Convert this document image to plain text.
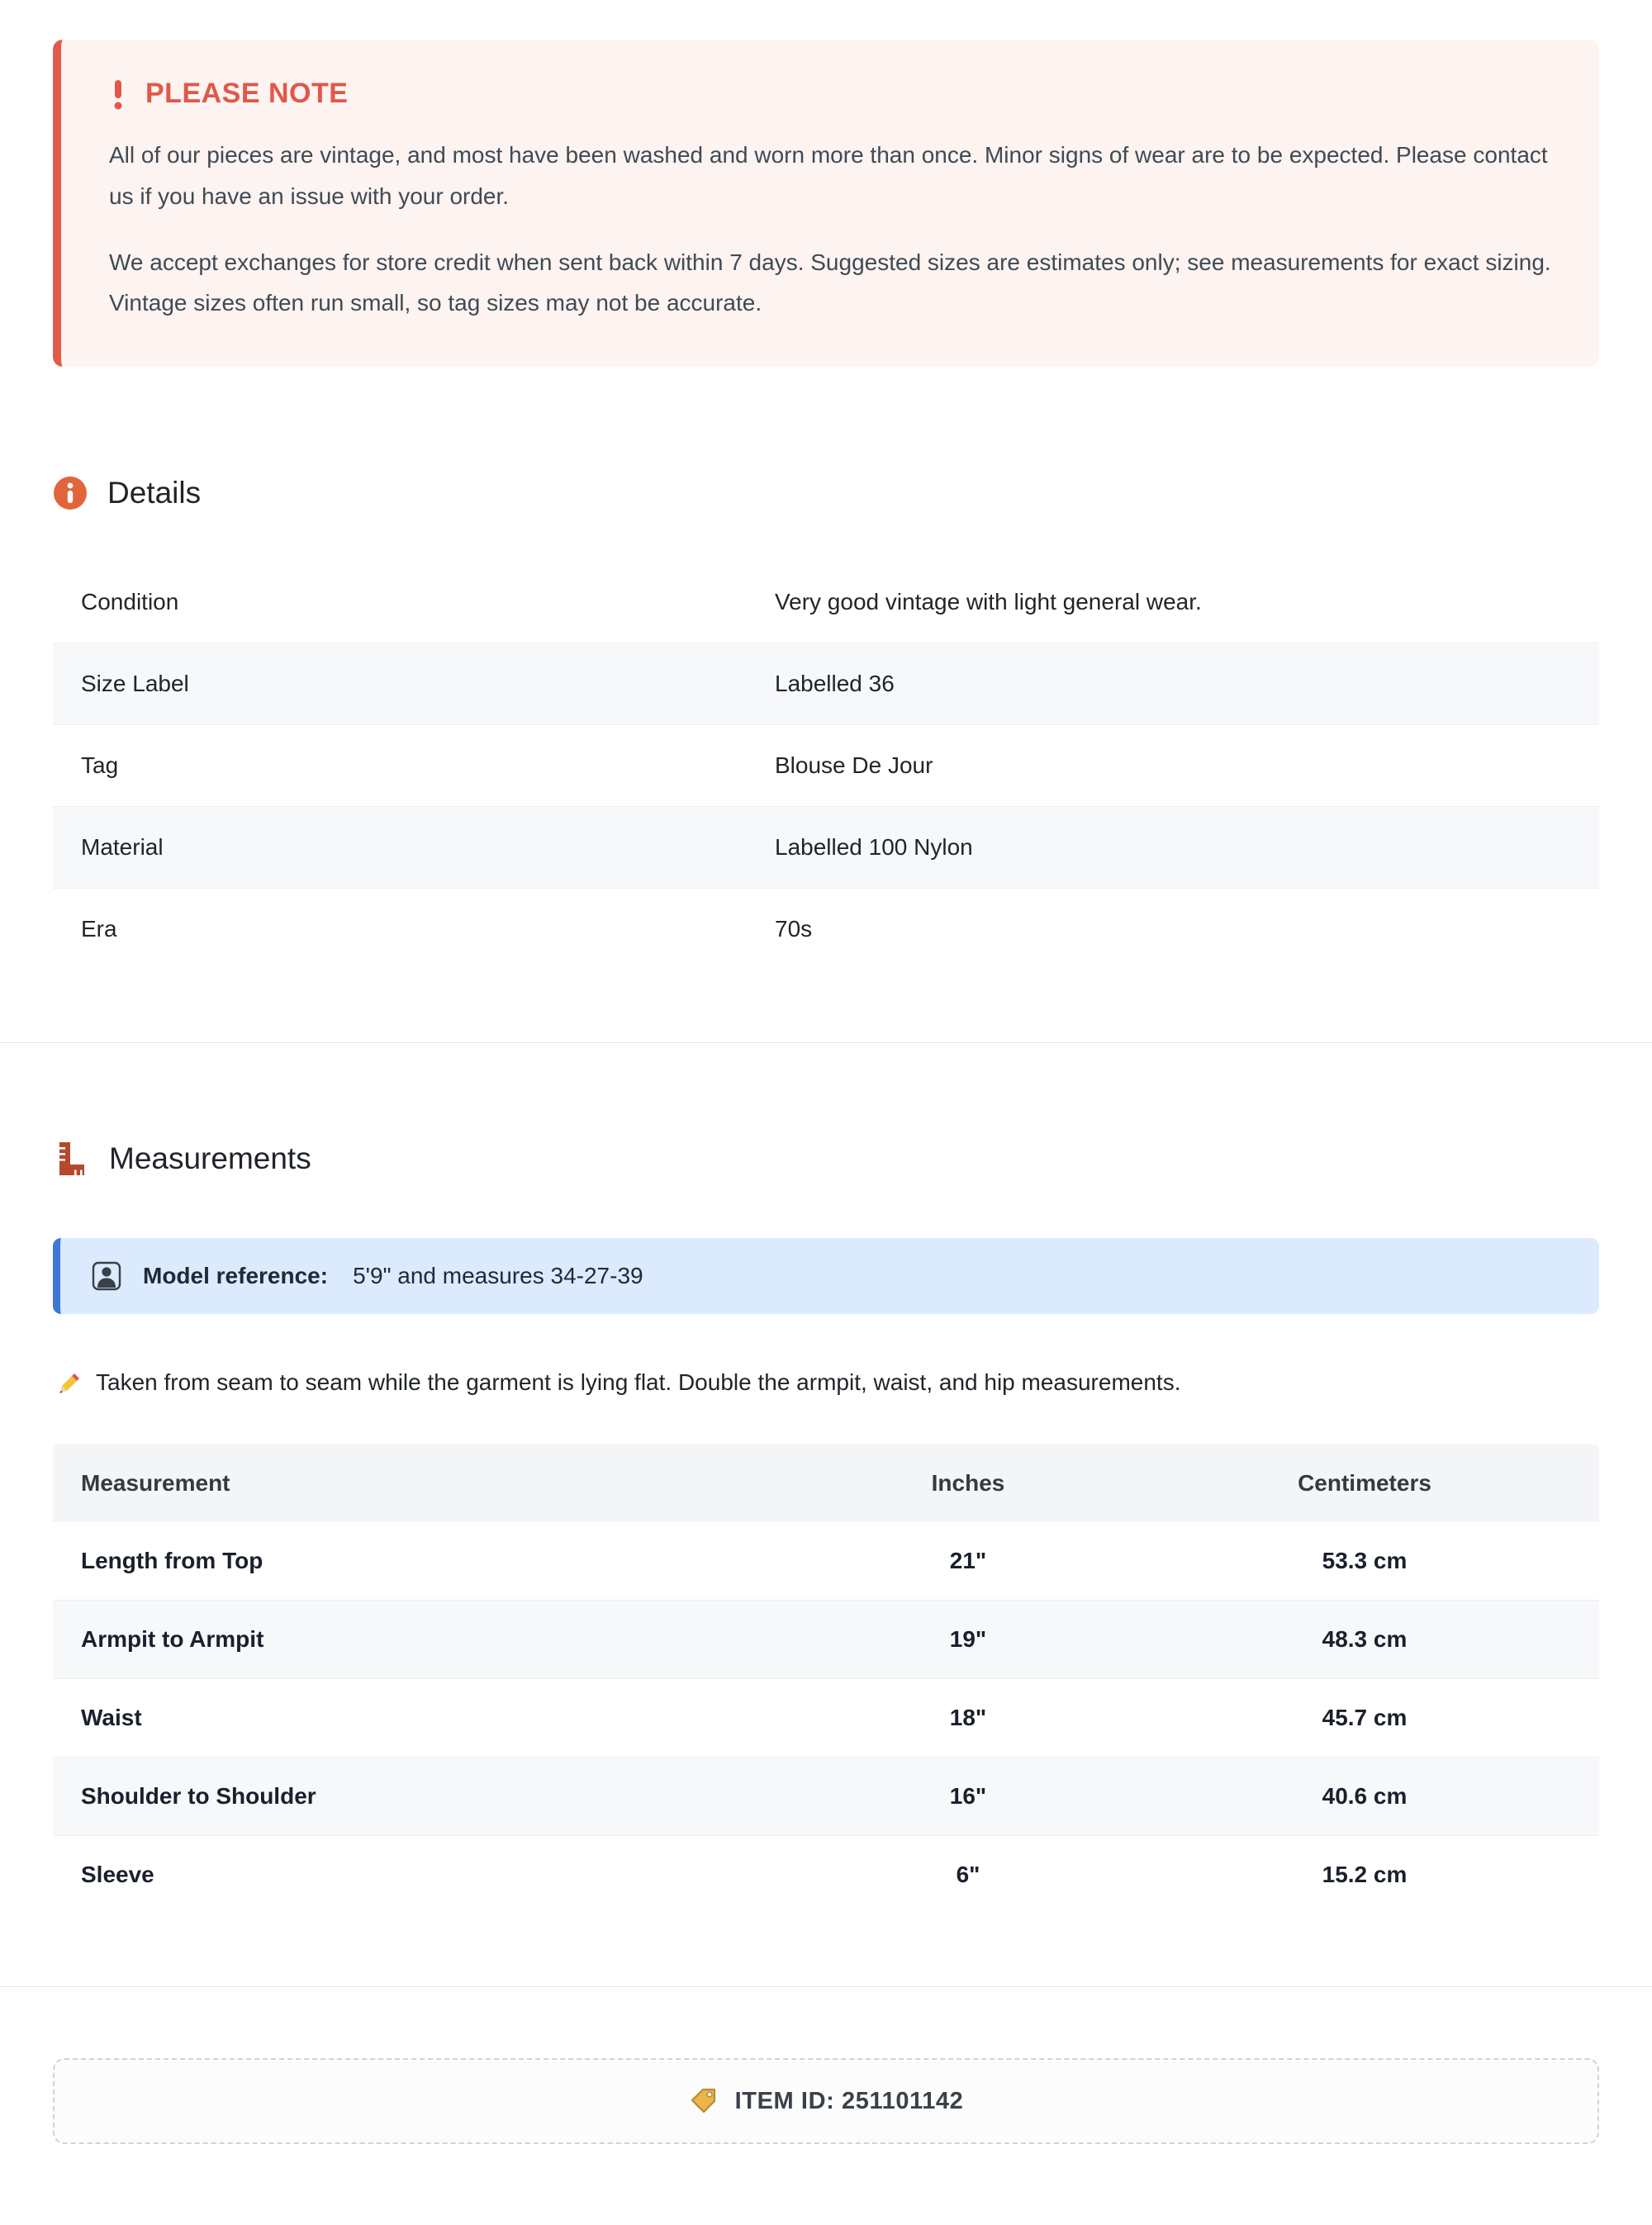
PLEASE NOTE

All of our pieces are vintage, and most have been washed and worn more than once. Minor signs of wear are to be expected. Please contact us if you have an issue with your order.

We accept exchanges for store credit when sent back within 7 days. Suggested sizes are estimates only; see measurements for exact sizing. Vintage sizes often run small, so tag sizes may not be accurate.

Details
Condition	Very good vintage with light general wear.
Size Label	Labelled 36
Tag	Blouse De Jour
Material	Labelled 100 Nylon
Era	70s
Measurements
Model reference: 5'9" and measures 34-27-39
Taken from seam to seam while the garment is lying flat. Double the armpit, waist, and hip measurements.
Measurement	Inches	Centimeters
Length from Top	21"	53.3 cm
Armpit to Armpit	19"	48.3 cm
Waist	18"	45.7 cm
Shoulder to Shoulder	16"	40.6 cm
Sleeve	6"	15.2 cm
ITEM ID: 251101142
